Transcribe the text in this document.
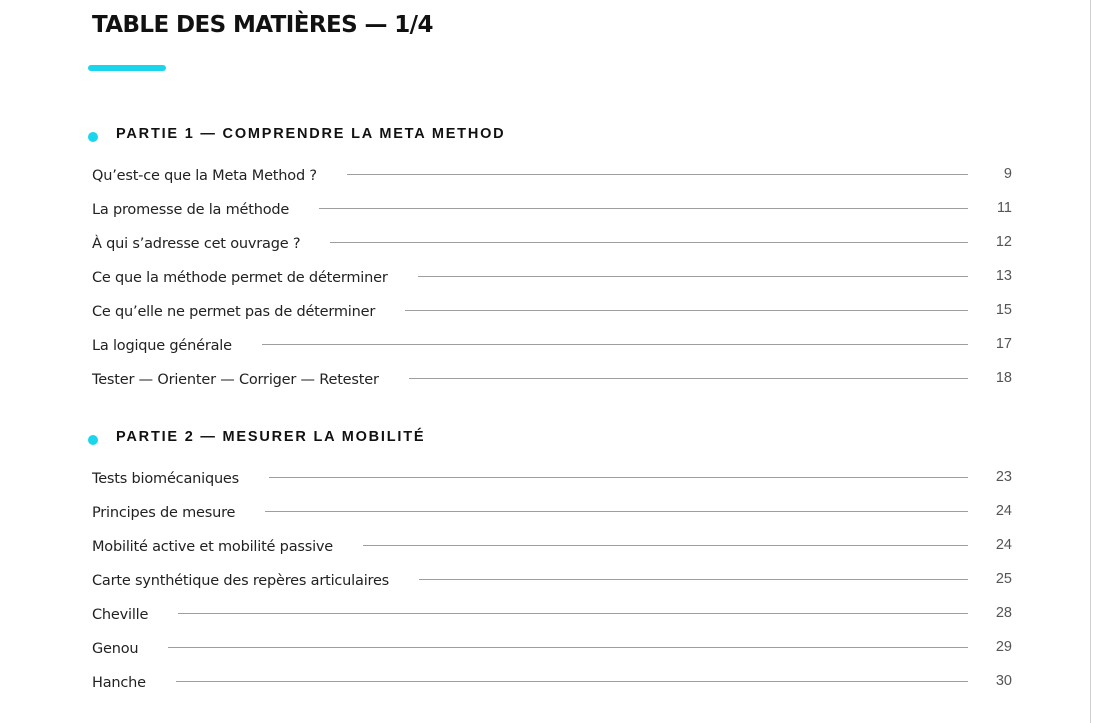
TABLE DES MATIÈRES — 1/4
PARTIE 1 — COMPRENDRE LA META METHOD
Qu’est-ce que la Meta Method ?	9
La promesse de la méthode	11
À qui s’adresse cet ouvrage ?	12
Ce que la méthode permet de déterminer	13
Ce qu’elle ne permet pas de déterminer	15
La logique générale	17
Tester — Orienter — Corriger — Retester	18
PARTIE 2 — MESURER LA MOBILITÉ
Tests biomécaniques	23
Principes de mesure	24
Mobilité active et mobilité passive	24
Carte synthétique des repères articulaires	25
Cheville	28
Genou	29
Hanche	30
